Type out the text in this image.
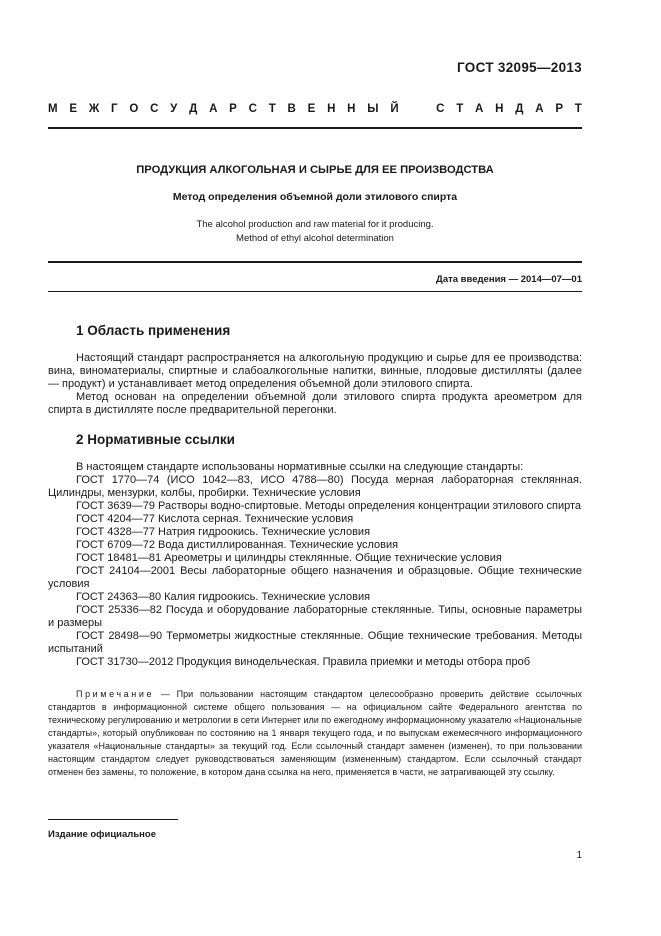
ГОСТ 32095—2013
М Е Ж Г О С У Д А Р С Т В Е Н Н Ы Й	С Т А Н Д А Р Т
ПРОДУКЦИЯ АЛКОГОЛЬНАЯ И СЫРЬЕ ДЛЯ ЕЕ ПРОИЗВОДСТВА
Метод определения объемной доли этилового спирта
The alcohol production and raw material for it producing.
Method of ethyl alcohol determination
Дата введения — 2014—07—01
1 Область применения

Настоящий стандарт распространяется на алкогольную продукцию и сырье для ее производства: вина, виноматериалы, спиртные и слабоалкогольные напитки, винные, плодовые дистилляты (далее — продукт) и устанавливает метод определения объемной доли этилового спирта.

Метод основан на определении объемной доли этилового спирта продукта ареометром для спирта в дистилляте после предварительной перегонки.

2 Нормативные ссылки

В настоящем стандарте использованы нормативные ссылки на следующие стандарты:

ГОСТ 1770—74 (ИСО 1042—83, ИСО 4788—80) Посуда мерная лабораторная стеклянная. Цилиндры, мензурки, колбы, пробирки. Технические условия

ГОСТ 3639—79 Растворы водно-спиртовые. Методы определения концентрации этилового спирта

ГОСТ 4204—77 Кислота серная. Технические условия

ГОСТ 4328—77 Натрия гидроокись. Технические условия

ГОСТ 6709—72 Вода дистиллированная. Технические условия

ГОСТ 18481—81 Ареометры и цилиндры стеклянные. Общие технические условия

ГОСТ 24104—2001 Весы лабораторные общего назначения и образцовые. Общие технические условия

ГОСТ 24363—80 Калия гидроокись. Технические условия

ГОСТ 25336—82 Посуда и оборудование лабораторные стеклянные. Типы, основные параметры и размеры

ГОСТ 28498—90 Термометры жидкостные стеклянные. Общие технические требования. Методы испытаний

ГОСТ 31730—2012 Продукция винодельческая. Правила приемки и методы отбора проб

Примечание — При пользовании настоящим стандартом целесообразно проверить действие ссылочных стандартов в информационной системе общего пользования — на официальном сайте Федерального агентства по техническому регулированию и метрологии в сети Интернет или по ежегодному информационному указателю «Национальные стандарты», который опубликован по состоянию на 1 января текущего года, и по выпускам ежемесячного информационного указателя «Национальные стандарты» за текущий год. Если ссылочный стандарт заменен (изменен), то при пользовании настоящим стандартом следует руководствоваться заменяющим (измененным) стандартом. Если ссылочный стандарт отменен без замены, то положение, в котором дана ссылка на него, применяется в части, не затрагивающей эту ссылку.
Издание официальное
1
